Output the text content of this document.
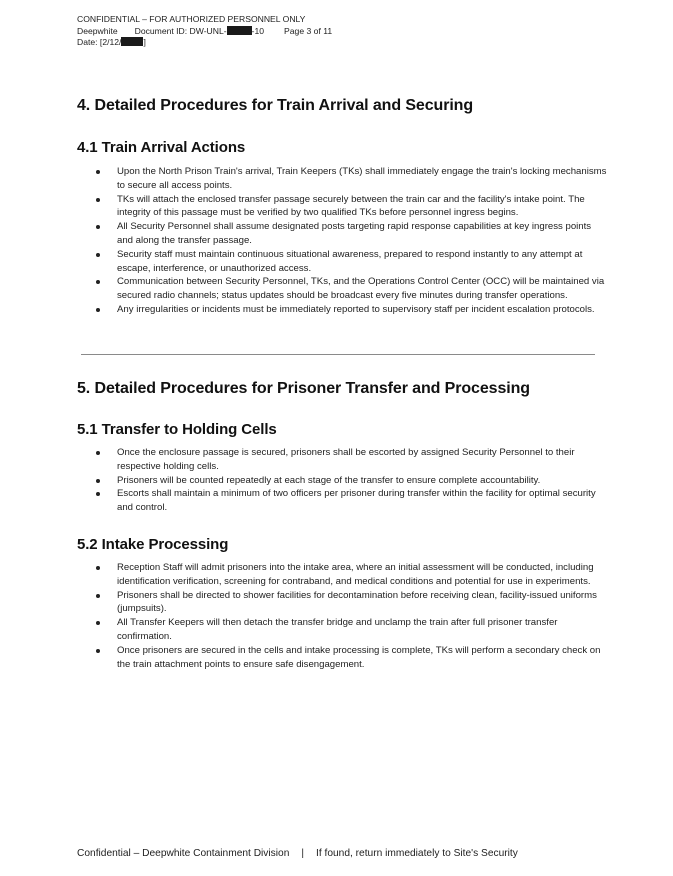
CONFIDENTIAL – FOR AUTHORIZED PERSONNEL ONLY
Deepwhite Document ID: DW-UNL-	-10 Page 3 of 11
Date: [2/12/	]
4. Detailed Procedures for Train Arrival and Securing
4.1 Train Arrival Actions
Upon the North Prison Train's arrival, Train Keepers (TKs) shall immediately engage the train's locking mechanisms to secure all access points.
TKs will attach the enclosed transfer passage securely between the train car and the facility's intake point. The integrity of this passage must be verified by two qualified TKs before personnel ingress begins.
All Security Personnel shall assume designated posts targeting rapid response capabilities at key ingress points and along the transfer passage.
Security staff must maintain continuous situational awareness, prepared to respond instantly to any attempt at escape, interference, or unauthorized access.
Communication between Security Personnel, TKs, and the Operations Control Center (OCC) will be maintained via secured radio channels; status updates should be broadcast every five minutes during transfer operations.
Any irregularities or incidents must be immediately reported to supervisory staff per incident escalation protocols.
5. Detailed Procedures for Prisoner Transfer and Processing
5.1 Transfer to Holding Cells
Once the enclosure passage is secured, prisoners shall be escorted by assigned Security Personnel to their respective holding cells.
Prisoners will be counted repeatedly at each stage of the transfer to ensure complete accountability.
Escorts shall maintain a minimum of two officers per prisoner during transfer within the facility for optimal security and control.
5.2 Intake Processing
Reception Staff will admit prisoners into the intake area, where an initial assessment will be conducted, including identification verification, screening for contraband, and medical conditions and potential for use in experiments.
Prisoners shall be directed to shower facilities for decontamination before receiving clean, facility-issued uniforms (jumpsuits).
All Transfer Keepers will then detach the transfer bridge and unclamp the train after full prisoner transfer confirmation.
Once prisoners are secured in the cells and intake processing is complete, TKs will perform a secondary check on the train attachment points to ensure safe disengagement.
Confidential – Deepwhite Containment Division | If found, return immediately to Site's Security
